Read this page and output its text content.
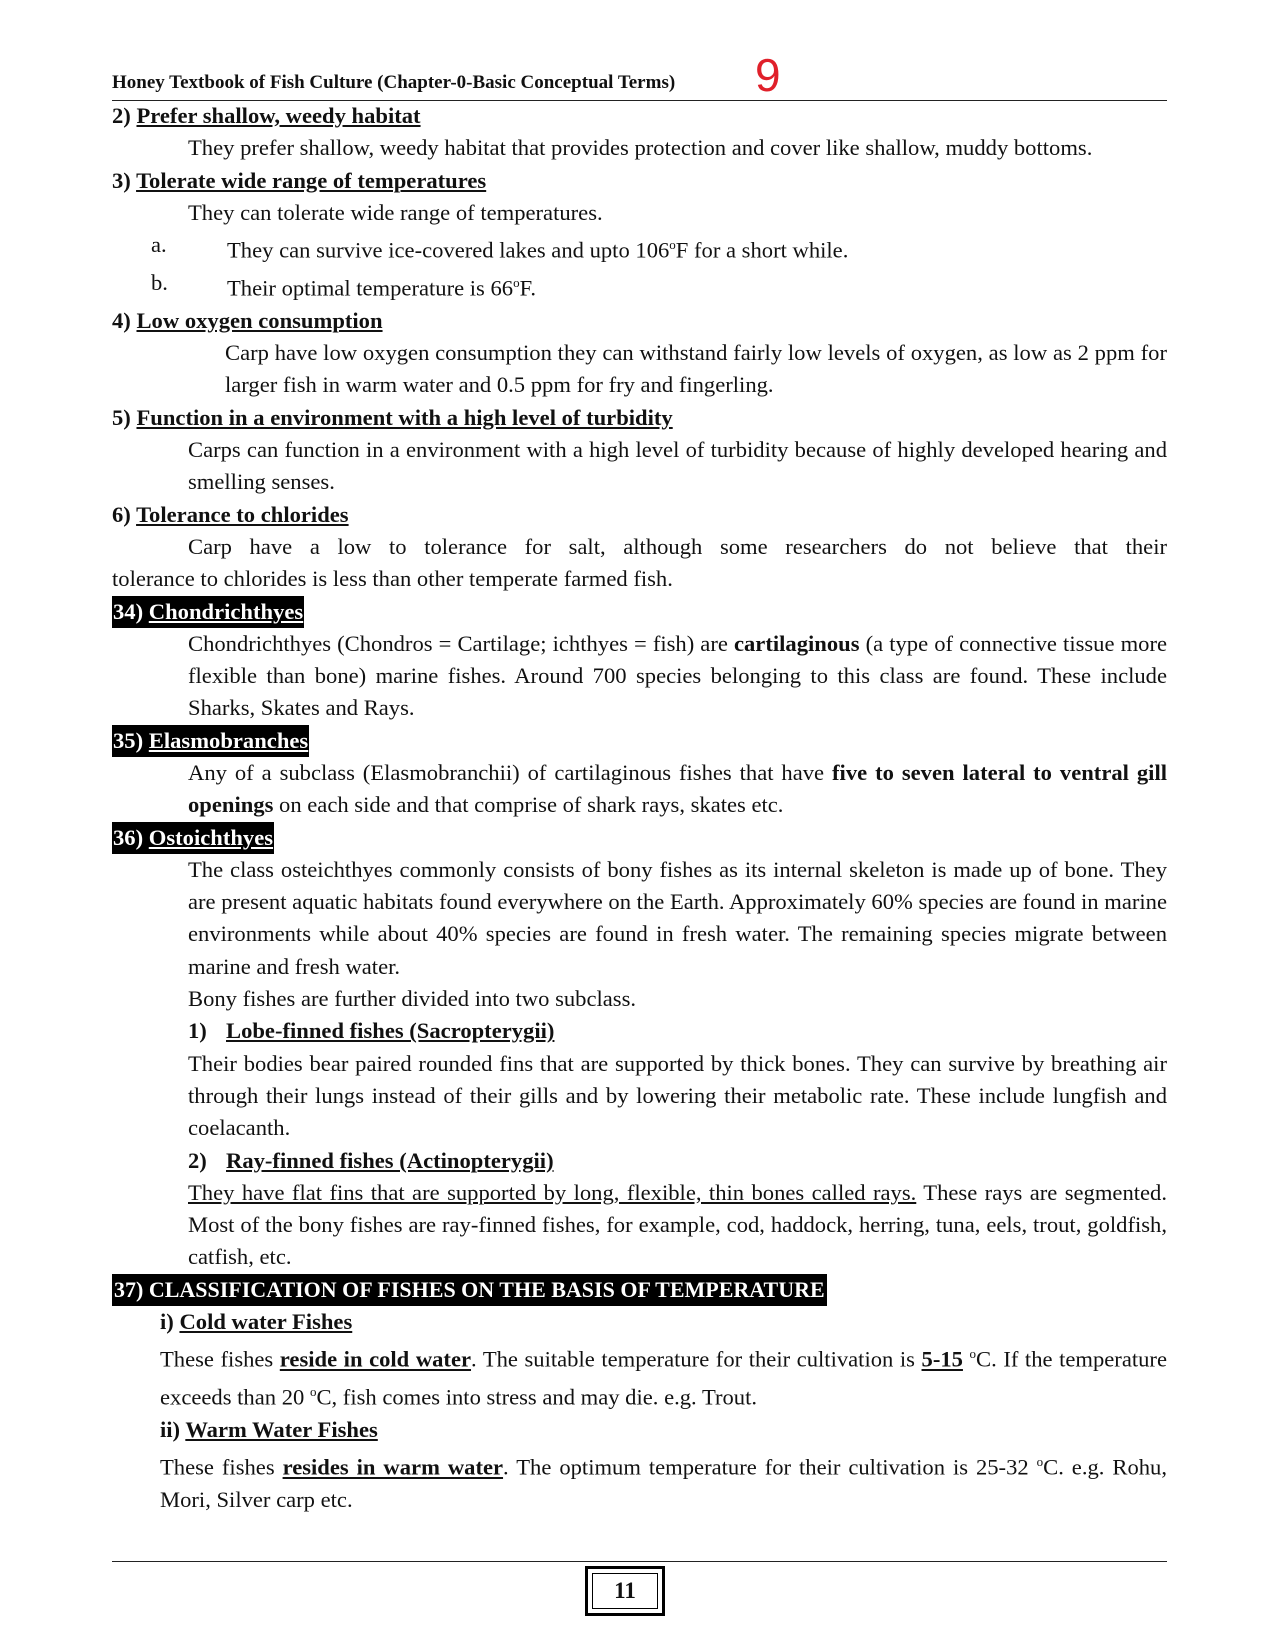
Honey Textbook of Fish Culture (Chapter-0-Basic Conceptual Terms) 9

2) Prefer shallow, weedy habitat

They prefer shallow, weedy habitat that provides protection and cover like shallow, muddy bottoms.

3) Tolerate wide range of temperatures

They can tolerate wide range of temperatures.

a.	They can survive ice-covered lakes and upto 106$^o$F for a short while.
b.	Their optimal temperature is 66$^o$F.

4) Low oxygen consumption

Carp have low oxygen consumption they can withstand fairly low levels of oxygen, as low as 2 ppm for larger fish in warm water and 0.5 ppm for fry and fingerling.

5) Function in a environment with a high level of turbidity

Carps can function in a environment with a high level of turbidity because of highly developed hearing and smelling senses.

6) Tolerance to chlorides

Carp have a low to tolerance for salt, although some researchers do not believe that their

tolerance to chlorides is less than other temperate farmed fish.

34) Chondrichthyes

Chondrichthyes (Chondros = Cartilage; ichthyes = fish) are cartilaginous (a type of connective tissue more flexible than bone) marine fishes. Around 700 species belonging to this class are found. These include Sharks, Skates and Rays.

35) Elasmobranches

Any of a subclass (Elasmobranchii) of cartilaginous fishes that have five to seven lateral to ventral gill openings on each side and that comprise of shark rays, skates etc.

36) Ostoichthyes

The class osteichthyes commonly consists of bony fishes as its internal skeleton is made up of bone. They are present aquatic habitats found everywhere on the Earth. Approximately 60% species are found in marine environments while about 40% species are found in fresh water. The remaining species migrate between marine and fresh water.

Bony fishes are further divided into two subclass.

1) Lobe-finned fishes (Sacropterygii)

Their bodies bear paired rounded fins that are supported by thick bones. They can survive by breathing air through their lungs instead of their gills and by lowering their metabolic rate. These include lungfish and coelacanth.

2) Ray-finned fishes (Actinopterygii)

They have flat fins that are supported by long, flexible, thin bones called rays. These rays are segmented. Most of the bony fishes are ray-finned fishes, for example, cod, haddock, herring, tuna, eels, trout, goldfish, catfish, etc.

37) CLASSIFICATION OF FISHES ON THE BASIS OF TEMPERATURE

i) Cold water Fishes

These fishes reside in cold water. The suitable temperature for their cultivation is 5-15 $^o$C. If the temperature exceeds than 20 $^o$C, fish comes into stress and may die. e.g. Trout.

ii) Warm Water Fishes

These fishes resides in warm water. The optimum temperature for their cultivation is 25-32 $^o$C. e.g. Rohu, Mori, Silver carp etc.

11
